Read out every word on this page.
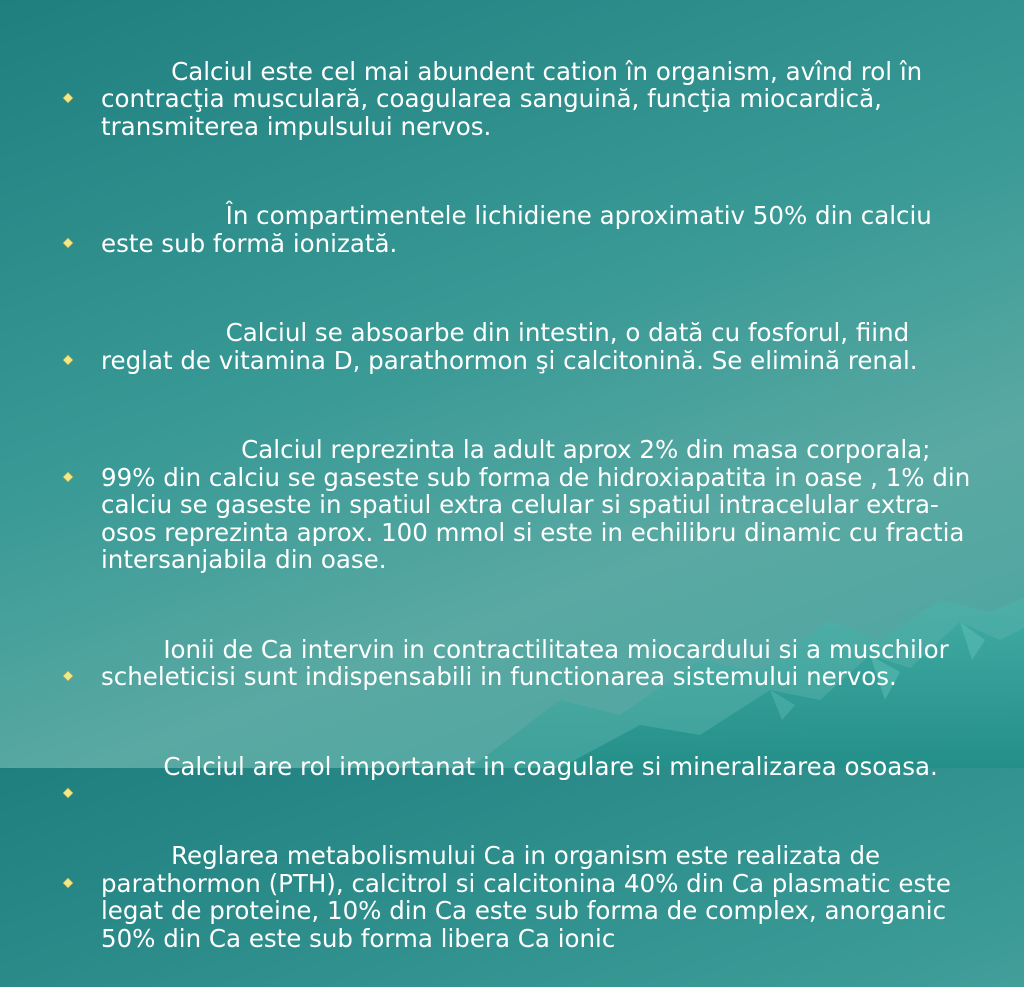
Calciul este cel mai abundent cation în organism, avînd rol în contracţia musculară, coagularea sanguină, funcţia miocardică, transmiterea impulsului nervos.

	În compartimentele lichidiene aproximativ 50% din calciu este sub formă ionizată.

	Calciul se absoarbe din intestin, o dată cu fosforul, fiind reglat de vitamina D, parathormon şi calcitonină. Se elimină renal.

	Calciul reprezinta la adult aprox 2% din masa corporala; 99% din calciu se gaseste sub forma de hidroxiapatita in oase , 1% din calciu se gaseste in spatiul extra celular si spatiul intracelular extra-osos reprezinta aprox. 100 mmol si este in echilibru dinamic cu fractia intersanjabila din oase.

Ionii de Ca intervin in contractilitatea miocardului si a muschilor scheleticisi sunt indispensabili in functionarea sistemului nervos.

Calciul are rol importanat in coagulare si mineralizarea osoasa.

Reglarea metabolismului Ca in organism este realizata de parathormon (PTH), calcitrol si calcitonina 40% din Ca plasmatic este legat de proteine, 10% din Ca este sub forma de complex, anorganic 50% din Ca este sub forma libera Ca ionic
